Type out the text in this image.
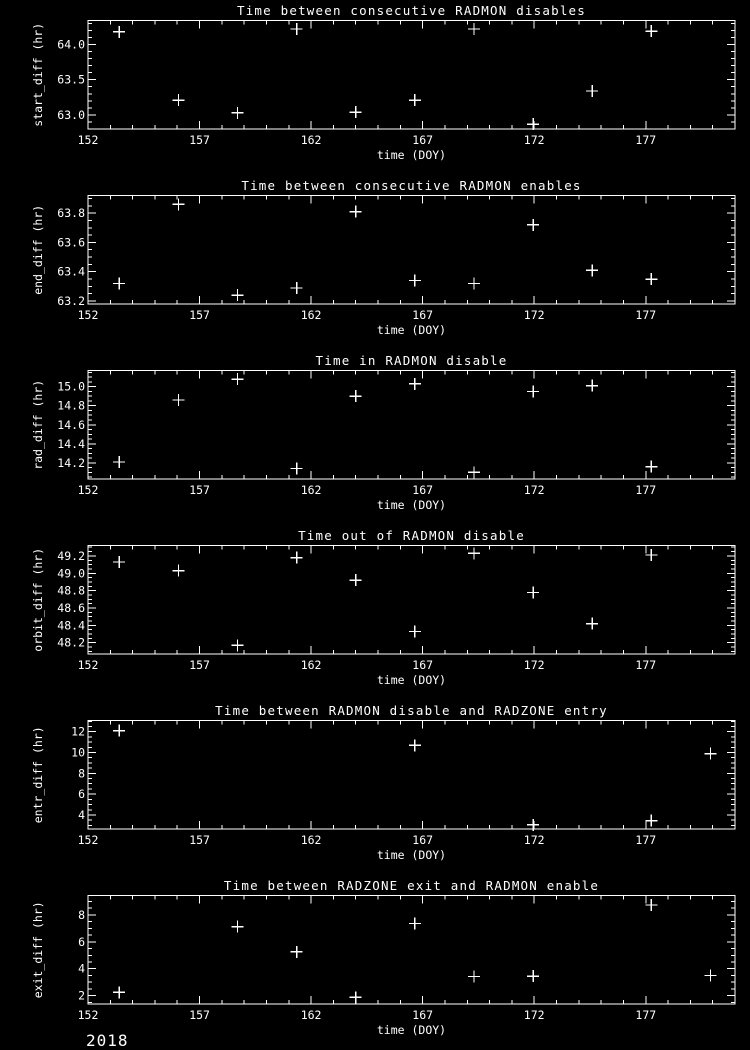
Time between consecutive RADMON disables
152	157	162	167	172	177
63.0
63.5
64.0
time (DOY)
start_diff (hr)
Time between consecutive RADMON enables
152	157	162	167	172	177
63.2
63.4
63.6
63.8
time (DOY)
end_diff (hr)
Time in RADMON disable
152	157	162	167	172	177
14.2
14.4
14.6
14.8
15.0
time (DOY)
rad_diff (hr)
Time out of RADMON disable
152	157	162	167	172	177
48.2
48.4
48.6
48.8
49.0
49.2
time (DOY)
orbit_diff (hr)
Time between RADMON disable and RADZONE entry
152	157	162	167	172	177
4
6
8
10
12
time (DOY)
entr_diff (hr)
Time between RADZONE exit and RADMON enable
152	157	162	167	172	177
2
4
6
8
time (DOY)
exit_diff (hr)
2018
